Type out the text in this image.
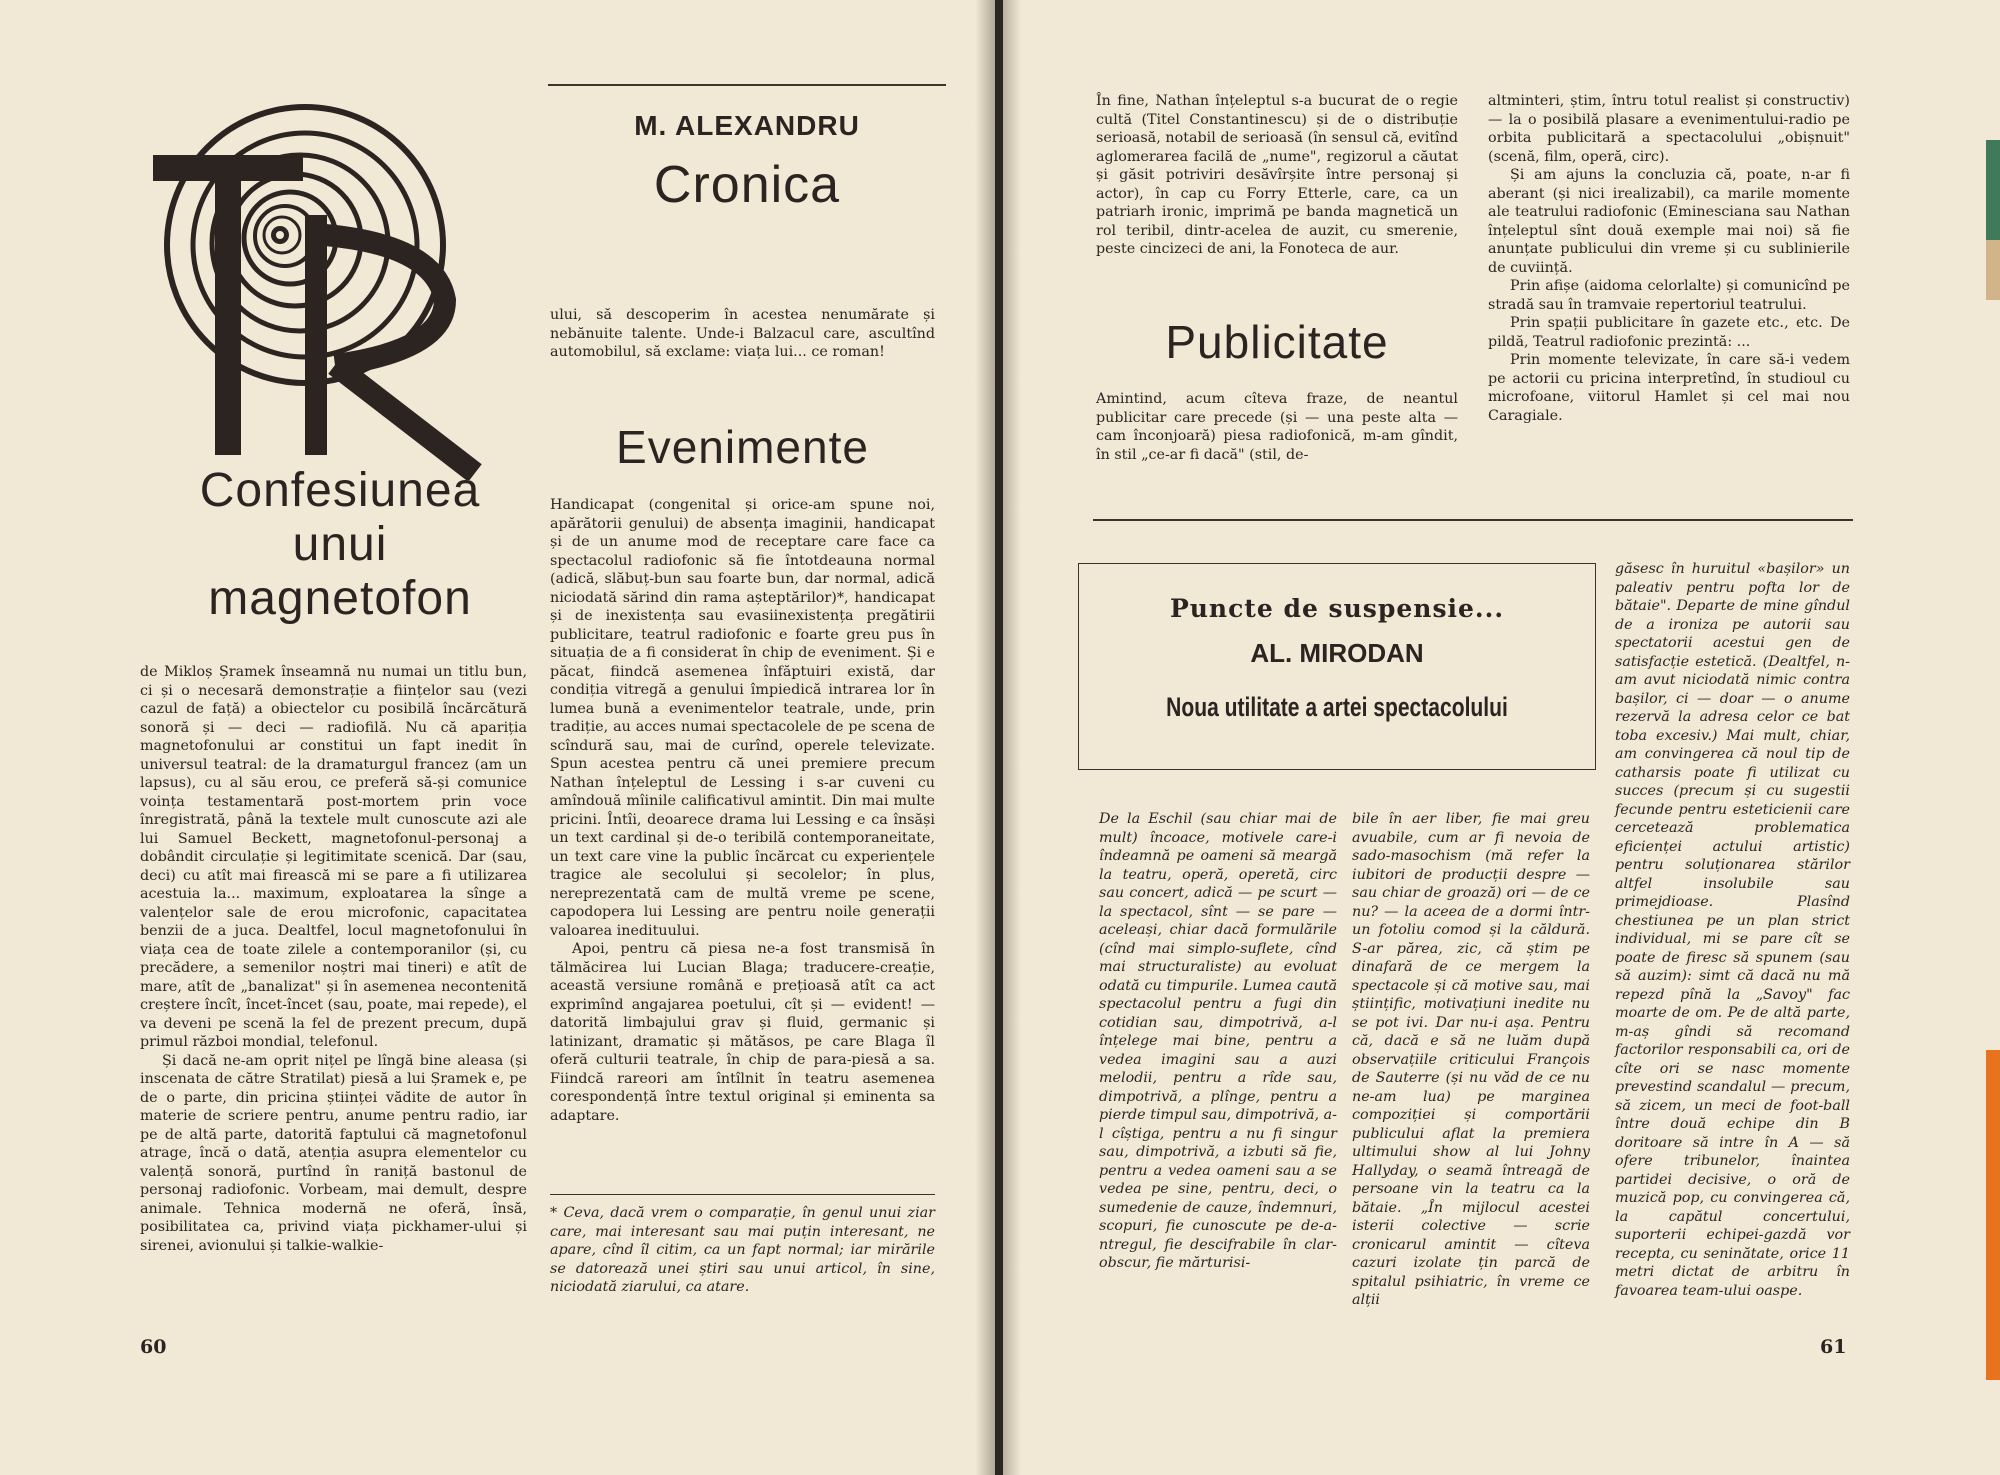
M. ALEXANDRU
Cronica
Confesiunea
unui
magnetofon

de Mikloș Șramek înseamnă nu numai un titlu bun, ci și o necesară demonstrație a ființelor sau (vezi cazul de față) a obiectelor cu posibilă încărcătură sonoră și — deci — radiofilă. Nu că apariția magnetofonului ar constitui un fapt inedit în universul teatral: de la dramaturgul francez (am un lapsus), cu al său erou, ce preferă să-și comunice voința testamentară post-mortem prin voce înregistrată, până la textele mult cunoscute azi ale lui Samuel Beckett, magnetofonul-personaj a dobândit circulație și legitimitate scenică. Dar (sau, deci) cu atît mai firească mi se pare a fi utilizarea acestuia la... maximum, exploatarea la sînge a valențelor sale de erou microfonic, capacitatea benzii de a juca. Dealtfel, locul magnetofonului în viața cea de toate zilele a contemporanilor (și, cu precădere, a semenilor noștri mai tineri) e atît de mare, atît de „banalizat" și în asemenea necontenită creștere încît, încet-încet (sau, poate, mai repede), el va deveni pe scenă la fel de prezent precum, după primul război mondial, telefonul.

Și dacă ne-am oprit nițel pe lîngă bine aleasa (și inscenata de către Stratilat) piesă a lui Șramek e, pe de o parte, din pricina științei vădite de autor în materie de scriere pentru, anume pentru radio, iar pe de altă parte, datorită faptului că magnetofonul atrage, încă o dată, atenția asupra elementelor cu valență sonoră, purtînd în raniță bastonul de personaj radiofonic. Vorbeam, mai demult, despre animale. Tehnica modernă ne oferă, însă, posibilitatea ca, privind viața pickhamer-ului și sirenei, avionului și talkie-walkie-

ului, să descoperim în acestea nenumărate și nebănuite talente. Unde-i Balzacul care, ascultînd automobilul, să exclame: viața lui... ce roman!

Evenimente

Handicapat (congenital și orice-am spune noi, apărătorii genului) de absența imaginii, handicapat și de un anume mod de receptare care face ca spectacolul radiofonic să fie întotdeauna normal (adică, slăbuț-bun sau foarte bun, dar normal, adică niciodată sărind din rama așteptărilor)*, handicapat și de inexistența sau evasiinexistența pregătirii publicitare, teatrul radiofonic e foarte greu pus în situația de a fi considerat în chip de eveniment. Și e păcat, fiindcă asemenea înfăptuiri există, dar condiția vitregă a genului împiedică intrarea lor în lumea bună a evenimentelor teatrale, unde, prin tradiție, au acces numai spectacolele de pe scena de scîndură sau, mai de curînd, operele televizate. Spun acestea pentru că unei premiere precum Nathan înțeleptul de Lessing i s-ar cuveni cu amîndouă mîinile calificativul amintit. Din mai multe pricini. Întîi, deoarece drama lui Lessing e ca însăși un text cardinal și de-o teribilă contemporaneitate, un text care vine la public încărcat cu experiențele tragice ale secolului și secolelor; în plus, nereprezentată cam de multă vreme pe scene, capodopera lui Lessing are pentru noile generații valoarea inedituului.

Apoi, pentru că piesa ne-a fost transmisă în tălmăcirea lui Lucian Blaga; traducere-creație, această versiune română e prețioasă atît ca act exprimînd angajarea poetului, cît și — evident! — datorită limbajului grav și fluid, germanic și latinizant, dramatic și mătăsos, pe care Blaga îl oferă culturii teatrale, în chip de para-piesă a sa. Fiindcă rareori am întîlnit în teatru asemenea corespondență între textul original și eminenta sa adaptare.

* Ceva, dacă vrem o comparație, în genul unui ziar care, mai interesant sau mai puțin interesant, ne apare, cînd îl citim, ca un fapt normal; iar mirările se datorează unei știri sau unui articol, în sine, niciodată ziarului, ca atare.

60

În fine, Nathan înțeleptul s-a bucurat de o regie cultă (Titel Constantinescu) și de o distribuție serioasă, notabil de serioasă (în sensul că, evitînd aglomerarea facilă de „nume", regizorul a căutat și găsit potriviri desăvîrșite între personaj și actor), în cap cu Forry Etterle, care, ca un patriarh ironic, imprimă pe banda magnetică un rol teribil, dintr-acelea de auzit, cu smerenie, peste cincizeci de ani, la Fonoteca de aur.

Publicitate

Amintind, acum cîteva fraze, de neantul publicitar care precede (și — una peste alta — cam înconjoară) piesa radiofonică, m-am gîndit, în stil „ce-ar fi dacă" (stil, de-

altminteri, știm, întru totul realist și constructiv) — la o posibilă plasare a evenimentului-radio pe orbita publicitară a spectacolului „obișnuit" (scenă, film, operă, circ).

Și am ajuns la concluzia că, poate, n-ar fi aberant (și nici irealizabil), ca marile momente ale teatrului radiofonic (Eminesciana sau Nathan înțeleptul sînt două exemple mai noi) să fie anunțate publicului din vreme și cu sublinierile de cuviință.

Prin afișe (aidoma celorlalte) și comunicînd pe stradă sau în tramvaie repertoriul teatrului.

Prin spații publicitare în gazete etc., etc. De pildă, Teatrul radiofonic prezintă: ...

Prin momente televizate, în care să-i vedem pe actorii cu pricina interpretînd, în studioul cu microfoane, viitorul Hamlet și cel mai nou Caragiale.

Puncte de suspensie...
AL. MIRODAN
Noua utilitate a artei spectacolului

De la Eschil (sau chiar mai de mult) încoace, motivele care-i îndeamnă pe oameni să meargă la teatru, operă, operetă, circ sau concert, adică — pe scurt — la spectacol, sînt — se pare — aceleași, chiar dacă formulările (cînd mai simplo-suflete, cînd mai structuraliste) au evoluat odată cu timpurile. Lumea caută spectacolul pentru a fugi din cotidian sau, dimpotrivă, a-l înțelege mai bine, pentru a vedea imagini sau a auzi melodii, pentru a rîde sau, dimpotrivă, a plînge, pentru a pierde timpul sau, dimpotrivă, a-l cîștiga, pentru a nu fi singur sau, dimpotrivă, a izbuti să fie, pentru a vedea oameni sau a se vedea pe sine, pentru, deci, o sumedenie de cauze, îndemnuri, scopuri, fie cunoscute pe de-a-ntregul, fie descifrabile în clar-obscur, fie mărturisi-

bile în aer liber, fie mai greu avuabile, cum ar fi nevoia de sado-masochism (mă refer la iubitori de producții despre — sau chiar de groază) ori — de ce nu? — la aceea de a dormi într-un fotoliu comod și la căldură. S-ar părea, zic, că știm pe dinafară de ce mergem la spectacole și că motive sau, mai științific, motivațiuni inedite nu se pot ivi. Dar nu-i așa. Pentru că, dacă e să ne luăm după observațiile criticului François de Sauterre (și nu văd de ce nu ne-am lua) pe marginea compoziției și comportării publicului aflat la premiera ultimului show al lui Johny Hallyday, o seamă întreagă de persoane vin la teatru ca la bătaie. „În mijlocul acestei isterii colective — scrie cronicarul amintit — cîteva cazuri izolate țin parcă de spitalul psihiatric, în vreme ce alții

găsesc în huruitul «bașilor» un paleativ pentru pofta lor de bătaie". Departe de mine gîndul de a ironiza pe autorii sau spectatorii acestui gen de satisfacție estetică. (Dealtfel, n-am avut niciodată nimic contra bașilor, ci — doar — o anume rezervă la adresa celor ce bat toba excesiv.) Mai mult, chiar, am convingerea că noul tip de catharsis poate fi utilizat cu succes (precum și cu sugestii fecunde pentru esteticienii care cercetează problematica eficienței actului artistic) pentru soluționarea stărilor altfel insolubile sau primejdioase. Plasînd chestiunea pe un plan strict individual, mi se pare cît se poate de firesc să spunem (sau să auzim): simt că dacă nu mă repezd pînă la „Savoy" fac moarte de om. Pe de altă parte, m-aș gîndi să recomand factorilor responsabili ca, ori de cîte ori se nasc momente prevestind scandalul — precum, să zicem, un meci de foot-ball între două echipe din B doritoare să intre în A — să ofere tribunelor, înaintea partidei decisive, o oră de muzică pop, cu convingerea că, la capătul concertului, suporterii echipei-gazdă vor recepta, cu seninătate, orice 11 metri dictat de arbitru în favoarea team-ului oaspe.

61
